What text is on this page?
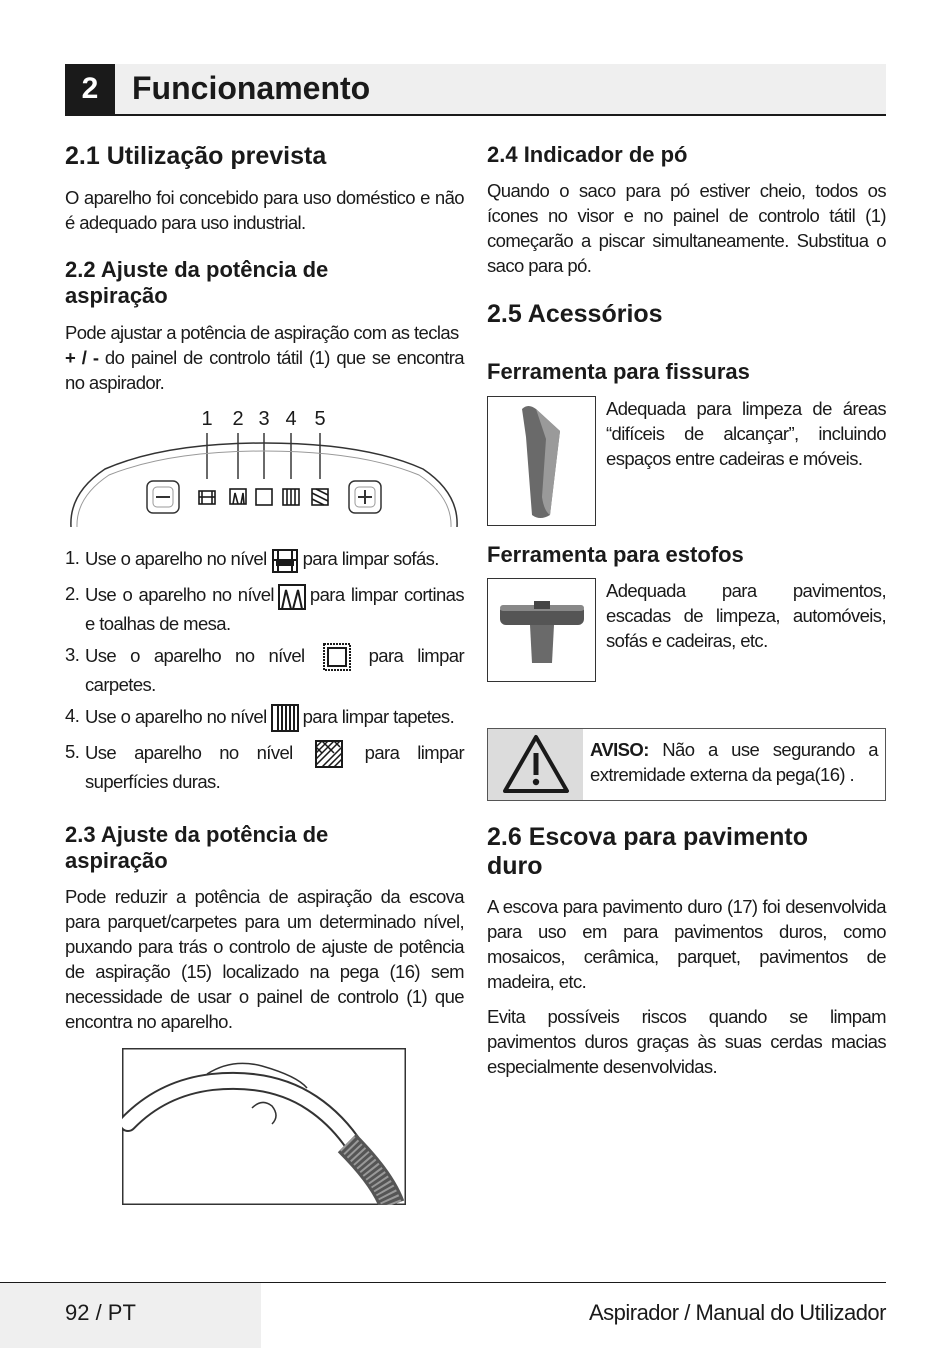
2	Funcionamento
2.1 Utilização prevista

O aparelho foi concebido para uso doméstico e não é adequado para uso industrial.

2.2 Ajuste da potência de
aspiração

Pode ajustar a potência de aspiração com as teclas
+ / - do painel de controlo tátil (1) que se encontra no aspirador.

1 2 3 4 5
1. Use o aparelho no nível para limpar sofás.
2. Use o aparelho no nível para limpar cortinas e toalhas de mesa.
3. Use o aparelho no nível	para limpar carpetes.
4. Use o aparelho no nível para limpar tapetes.
5. Use aparelho no nível	para limpar superfícies duras.
2.3 Ajuste da potência de
aspiração

Pode reduzir a potência de aspiração da escova para parquet/carpetes para um determinado nível, puxando para trás o controlo de ajuste de potência de aspiração (15) localizado na pega (16) sem necessidade de usar o painel de controlo (1) que encontra no aparelho.

2.4 Indicador de pó

Quando o saco para pó estiver cheio, todos os ícones no visor e no painel de controlo tátil (1) começarão a piscar simultaneamente. Substitua o saco para pó.

2.5 Acessórios
Ferramenta para fissuras

Adequada para limpeza de áreas “difíceis de alcançar”, incluindo espaços entre cadeiras e móveis.

Ferramenta para estofos

Adequada para pavimentos, escadas de limpeza, automóveis, sofás e cadeiras, etc.

AVISO: Não a use segurando a extremidade externa da pega(16) .
2.6 Escova para pavimento
duro

A escova para pavimento duro (17) foi desenvolvida para uso em para pavimentos duros, como mosaicos, cerâmica, parquet, pavimentos de madeira, etc.

Evita possíveis riscos quando se limpam pavimentos duros graças às suas cerdas macias especialmente desenvolvidas.

92 / PT	Aspirador / Manual do Utilizador
